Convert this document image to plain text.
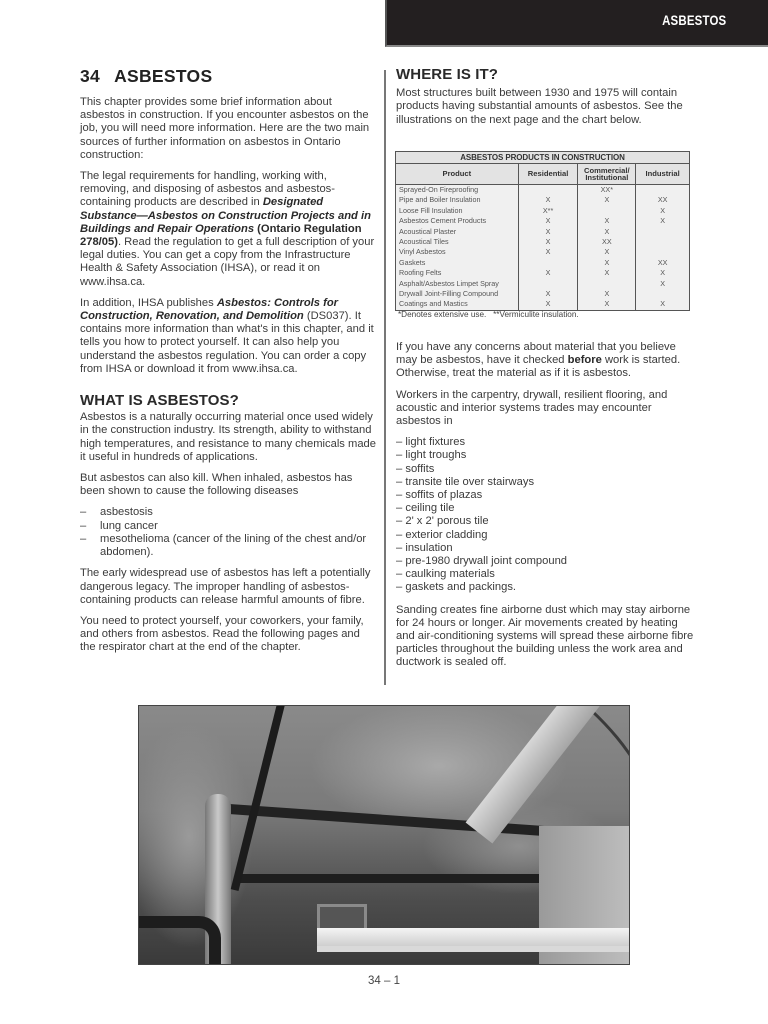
ASBESTOS
34 ASBESTOS

This chapter provides some brief information about asbestos in construction. If you encounter asbestos on the job, you will need more information. Here are the two main sources of further information on asbestos in Ontario construction:

The legal requirements for handling, working with, removing, and disposing of asbestos and asbestos-containing products are described in Designated Substance—Asbestos on Construction Projects and in Buildings and Repair Operations (Ontario Regulation 278/05). Read the regulation to get a full description of your legal duties. You can get a copy from the Infrastructure Health & Safety Association (IHSA), or read it on www.ihsa.ca.

In addition, IHSA publishes Asbestos: Controls for Construction, Renovation, and Demolition (DS037). It contains more information than what's in this chapter, and it tells you how to protect yourself. It can also help you understand the asbestos regulation. You can order a copy from IHSA or download it from www.ihsa.ca.

WHAT IS ASBESTOS?

Asbestos is a naturally occurring material once used widely in the construction industry. Its strength, ability to withstand high temperatures, and resistance to many chemicals made it useful in hundreds of applications.

But asbestos can also kill. When inhaled, asbestos has been shown to cause the following diseases

– asbestosis
– lung cancer
– mesothelioma (cancer of the lining of the chest and/or abdomen).

The early widespread use of asbestos has left a potentially dangerous legacy. The improper handling of asbestos-containing products can release harmful amounts of fibre.

You need to protect yourself, your coworkers, your family, and others from asbestos. Read the following pages and the respirator chart at the end of the chapter.

WHERE IS IT?

Most structures built between 1930 and 1975 will contain products having substantial amounts of asbestos. See the illustrations on the next page and the chart below.

ASBESTOS PRODUCTS IN CONSTRUCTION			
Product	Residential	Commercial/ Institutional	Industrial
Sprayed-On Fireproofing		XX*	
Pipe and Boiler Insulation	X	X	XX
Loose Fill Insulation	X**		X
Asbestos Cement Products	X	X	X
Acoustical Plaster	X	X	
Acoustical Tiles	X	XX	
Vinyl Asbestos	X	X	
Gaskets		X	XX
Roofing Felts	X	X	X
Asphalt/Asbestos Limpet Spray			X
Drywall Joint-Filling Compound	X	X	
Coatings and Mastics	X	X	X
*Denotes extensive use.   **Vermiculite insulation.

If you have any concerns about material that you believe may be asbestos, have it checked before work is started. Otherwise, treat the material as if it is asbestos.

Workers in the carpentry, drywall, resilient flooring, and acoustic and interior systems trades may encounter asbestos in

– light fixtures
– light troughs
– soffits
– transite tile over stairways
– soffits of plazas
– ceiling tile
– 2' x 2' porous tile
– exterior cladding
– insulation
– pre-1980 drywall joint compound
– caulking materials
– gaskets and packings.

Sanding creates fine airborne dust which may stay airborne for 24 hours or longer. Air movements created by heating and air-conditioning systems will spread these airborne fibre particles throughout the building unless the work area and ductwork is sealed off.

34 – 1
